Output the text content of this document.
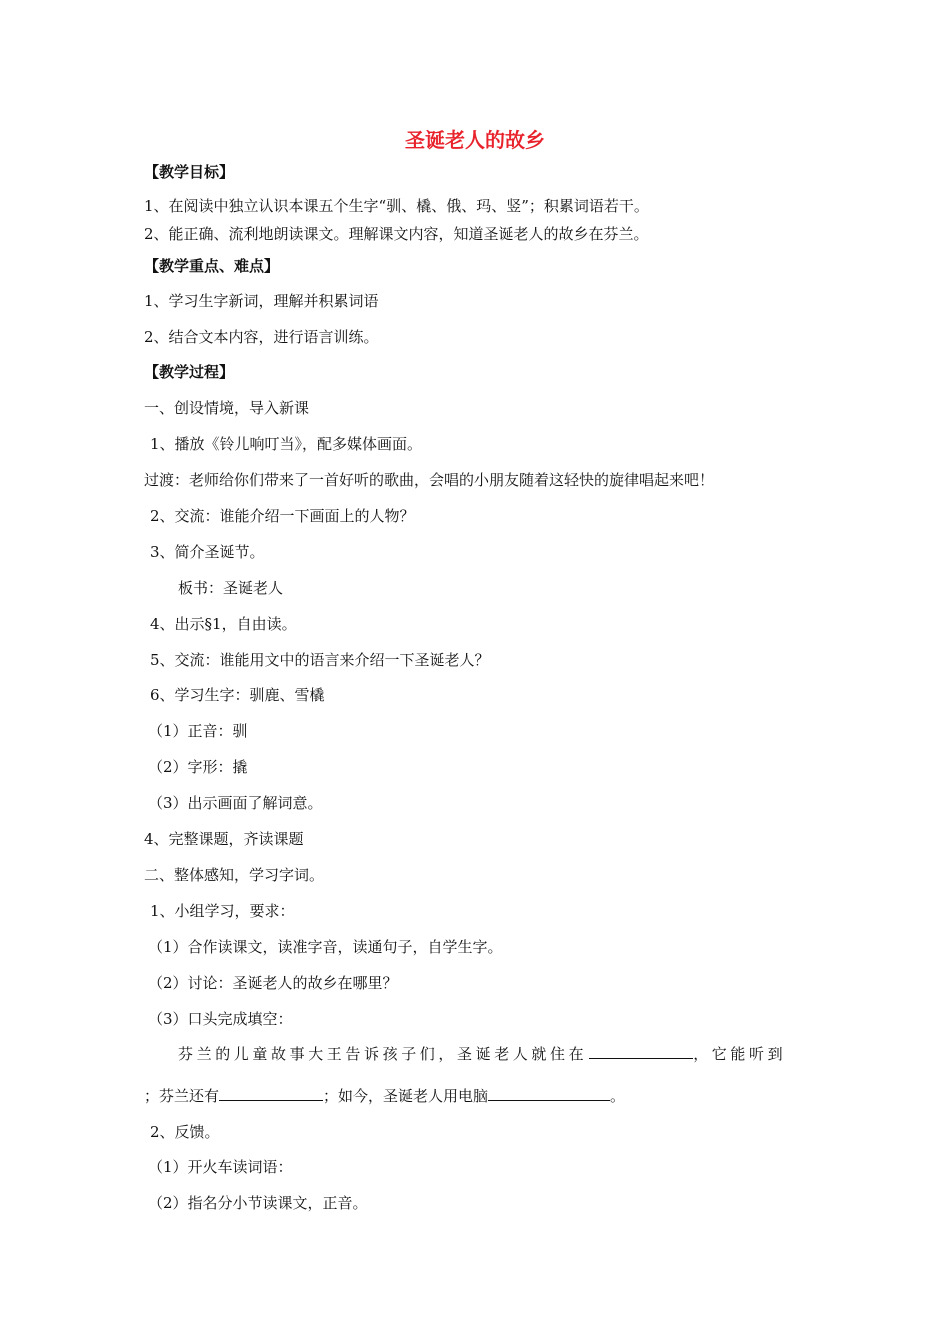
圣诞老人的故乡
【教学目标】
1、在阅读中独立认识本课五个生字“驯、橇、俄、玛、竖”；积累词语若干。
2、能正确、流利地朗读课文。理解课文内容，知道圣诞老人的故乡在芬兰。
【教学重点、难点】
1、学习生字新词，理解并积累词语
2、结合文本内容，进行语言训练。
【教学过程】
一、创设情境，导入新课
1、播放《铃儿响叮当》，配多媒体画面。
过渡：老师给你们带来了一首好听的歌曲，会唱的小朋友随着这轻快的旋律唱起来吧！
2、交流：谁能介绍一下画面上的人物？
3、简介圣诞节。
板书：圣诞老人
4、出示§1，自由读。
5、交流：谁能用文中的语言来介绍一下圣诞老人？
6、学习生字：驯鹿、雪橇
（1）正音：驯
（2）字形：撬
（3）出示画面了解词意。
4、完整课题，齐读课题
二、整体感知，学习字词。
1、小组学习，要求：
（1）合作读课文，读准字音，读通句子，自学生字。
（2）讨论：圣诞老人的故乡在哪里？
（3）口头完成填空：
芬兰的儿童故事大王告诉孩子们，圣诞老人就住在	，它能听到
；芬兰还有	；如今，圣诞老人用电脑	。
2、反馈。
（1）开火车读词语：
（2）指名分小节读课文，正音。
